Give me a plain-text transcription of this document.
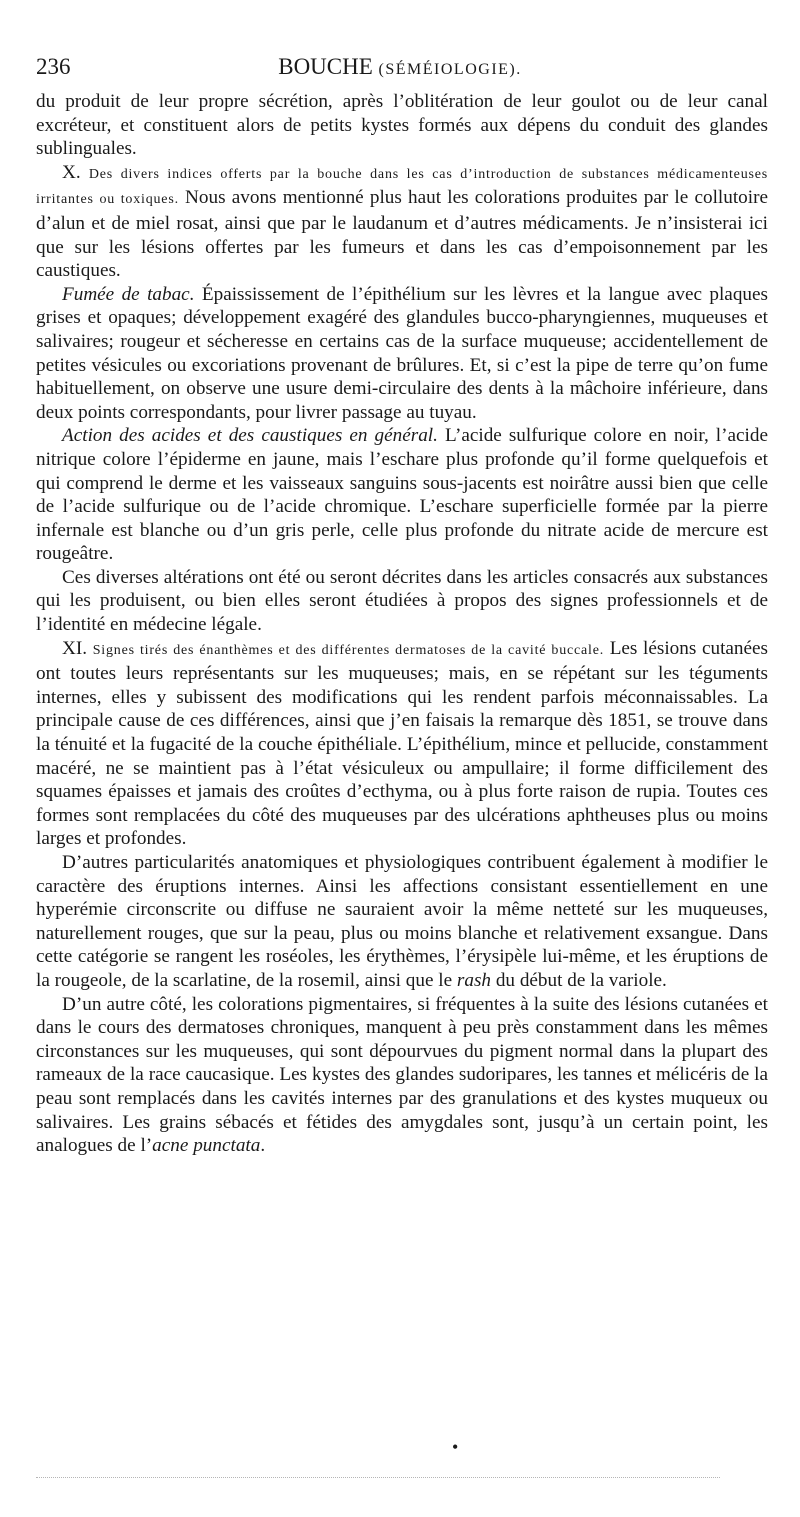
236	BOUCHE (SÉMÉIOLOGIE).

du produit de leur propre sécrétion, après l’oblitération de leur goulot ou de leur canal excréteur, et constituent alors de petits kystes formés aux dépens du conduit des glandes sublinguales.

X. Des divers indices offerts par la bouche dans les cas d’introduction de substances médicamenteuses irritantes ou toxiques. Nous avons mentionné plus haut les colorations produites par le collutoire d’alun et de miel rosat, ainsi que par le laudanum et d’autres médicaments. Je n’insisterai ici que sur les lésions offertes par les fumeurs et dans les cas d’empoisonnement par les caustiques.

Fumée de tabac. Épaississement de l’épithélium sur les lèvres et la langue avec plaques grises et opaques; développement exagéré des glandules bucco-pharyngiennes, muqueuses et salivaires; rougeur et sécheresse en certains cas de la surface muqueuse; accidentellement de petites vésicules ou excoriations provenant de brûlures. Et, si c’est la pipe de terre qu’on fume habituellement, on observe une usure demi-circulaire des dents à la mâchoire inférieure, dans deux points correspondants, pour livrer passage au tuyau.

Action des acides et des caustiques en général. L’acide sulfurique colore en noir, l’acide nitrique colore l’épiderme en jaune, mais l’eschare plus profonde qu’il forme quelquefois et qui comprend le derme et les vaisseaux sanguins sous-jacents est noirâtre aussi bien que celle de l’acide sulfurique ou de l’acide chromique. L’eschare superficielle formée par la pierre infernale est blanche ou d’un gris perle, celle plus profonde du nitrate acide de mercure est rougeâtre.

Ces diverses altérations ont été ou seront décrites dans les articles consacrés aux substances qui les produisent, ou bien elles seront étudiées à propos des signes professionnels et de l’identité en médecine légale.

XI. Signes tirés des énanthèmes et des différentes dermatoses de la cavité buccale. Les lésions cutanées ont toutes leurs représentants sur les muqueuses; mais, en se répétant sur les téguments internes, elles y subissent des modifications qui les rendent parfois méconnaissables. La principale cause de ces différences, ainsi que j’en faisais la remarque dès 1851, se trouve dans la ténuité et la fugacité de la couche épithéliale. L’épithélium, mince et pellucide, constamment macéré, ne se maintient pas à l’état vésiculeux ou ampullaire; il forme difficilement des squames épaisses et jamais des croûtes d’ecthyma, ou à plus forte raison de rupia. Toutes ces formes sont remplacées du côté des muqueuses par des ulcérations aphtheuses plus ou moins larges et profondes.

D’autres particularités anatomiques et physiologiques contribuent également à modifier le caractère des éruptions internes. Ainsi les affections consistant essentiellement en une hyperémie circonscrite ou diffuse ne sauraient avoir la même netteté sur les muqueuses, naturellement rouges, que sur la peau, plus ou moins blanche et relativement exsangue. Dans cette catégorie se rangent les roséoles, les érythèmes, l’érysipèle lui-même, et les éruptions de la rougeole, de la scarlatine, de la rosemil, ainsi que le rash du début de la variole.

D’un autre côté, les colorations pigmentaires, si fréquentes à la suite des lésions cutanées et dans le cours des dermatoses chroniques, manquent à peu près constamment dans les mêmes circonstances sur les muqueuses, qui sont dépourvues du pigment normal dans la plupart des rameaux de la race caucasique. Les kystes des glandes sudoripares, les tannes et mélicéris de la peau sont remplacés dans les cavités internes par des granulations et des kystes muqueux ou salivaires. Les grains sébacés et fétides des amygdales sont, jusqu’à un certain point, les analogues de l’acne punctata.

•
